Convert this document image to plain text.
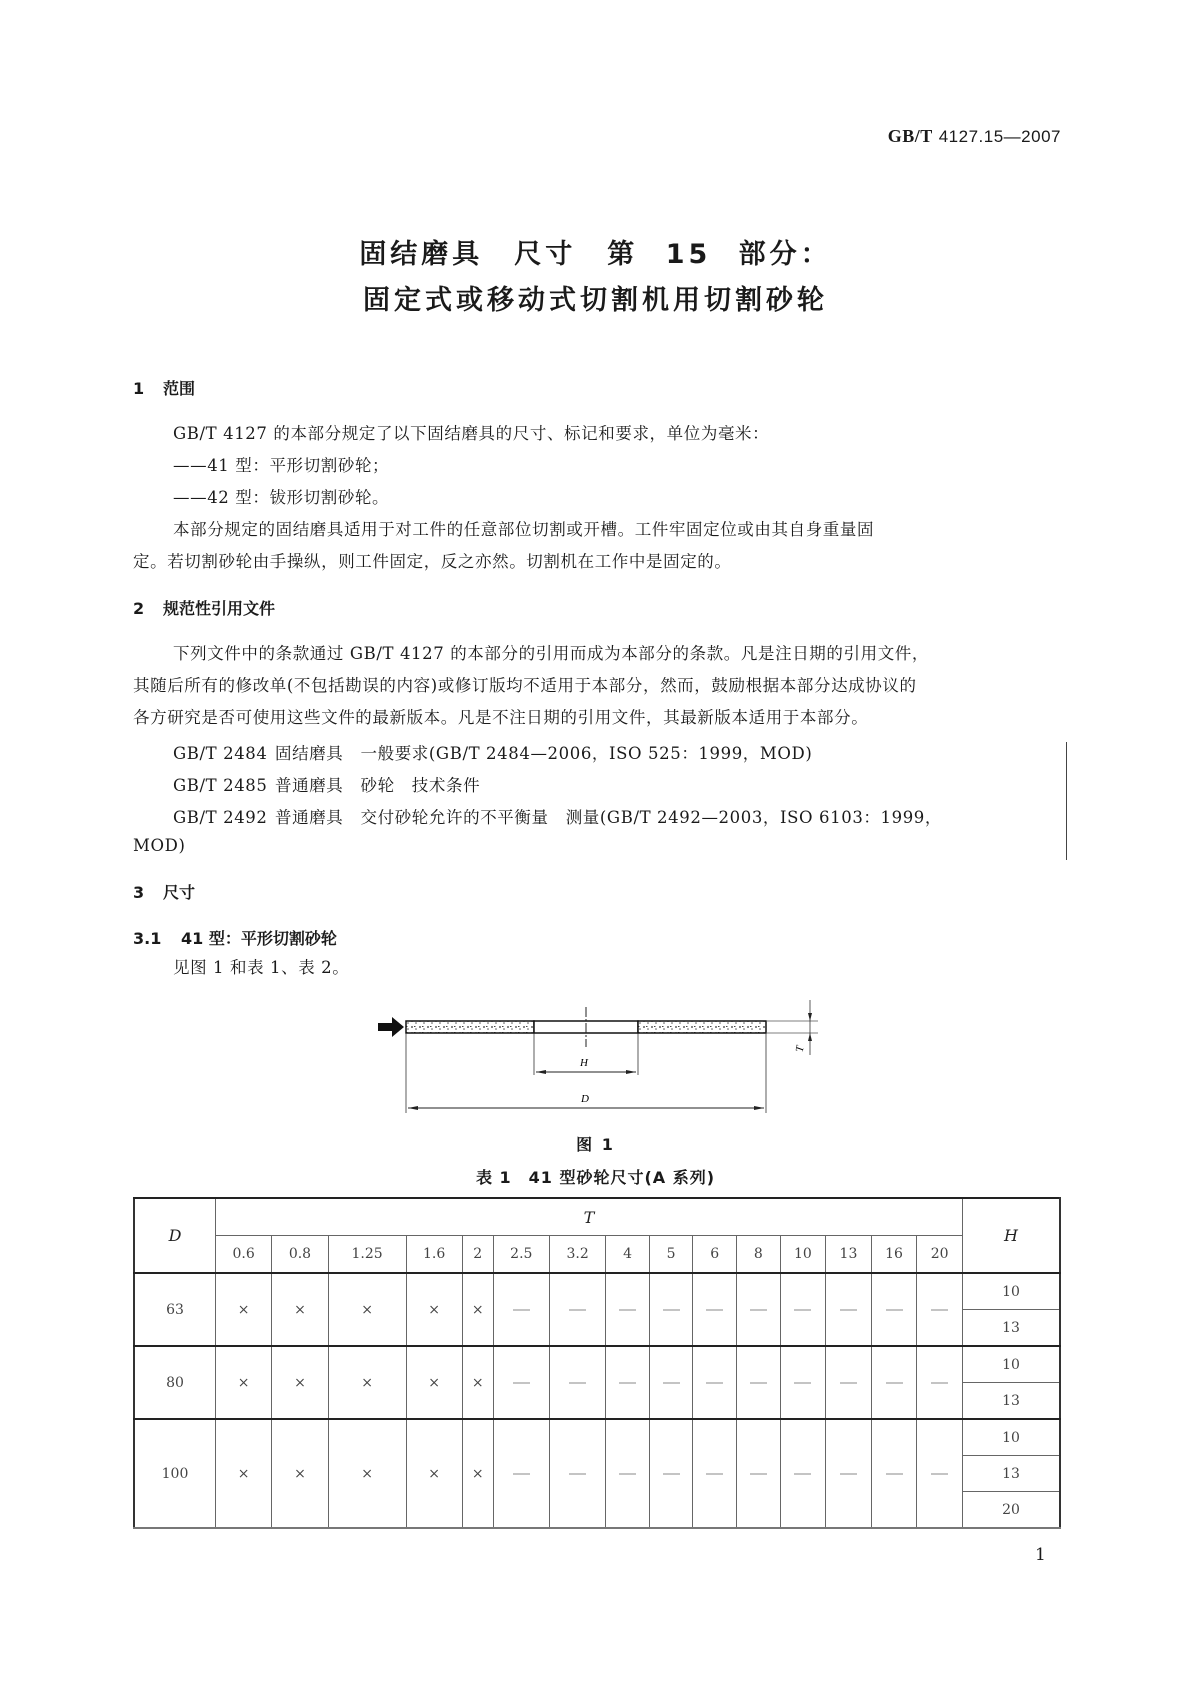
GB/T 4127.15—2007
固结磨具　尺寸　第 15 部分：
固定式或移动式切割机用切割砂轮
1 范围
GB/T 4127 的本部分规定了以下固结磨具的尺寸、标记和要求，单位为毫米：
——41 型：平形切割砂轮；
——42 型：钹形切割砂轮。
本部分规定的固结磨具适用于对工件的任意部位切割或开槽。工件牢固定位或由其自身重量固
定。若切割砂轮由手操纵，则工件固定，反之亦然。切割机在工作中是固定的。
2 规范性引用文件
下列文件中的条款通过 GB/T 4127 的本部分的引用而成为本部分的条款。凡是注日期的引用文件，
其随后所有的修改单(不包括勘误的内容)或修订版均不适用于本部分，然而，鼓励根据本部分达成协议的
各方研究是否可使用这些文件的最新版本。凡是不注日期的引用文件，其最新版本适用于本部分。
GB/T 2484 固结磨具　一般要求(GB/T 2484—2006，ISO 525：1999，MOD)
GB/T 2485 普通磨具　砂轮　技术条件
GB/T 2492 普通磨具　交付砂轮允许的不平衡量　测量(GB/T 2492—2003，ISO 6103：1999，
MOD)
3 尺寸
3.1 41 型：平形切割砂轮
见图 1 和表 1、表 2。
H
D
T
图 1
表 1　41 型砂轮尺寸(A 系列)
D	T															H
	0.6	0.8	1.25	1.6	2	2.5	3.2	4	5	6	8	10	13	16	20	
63	×	×	×	×	×											10
																13
80	×	×	×	×	×											10
																13
100	×	×	×	×	×											10
																13
																20
1
